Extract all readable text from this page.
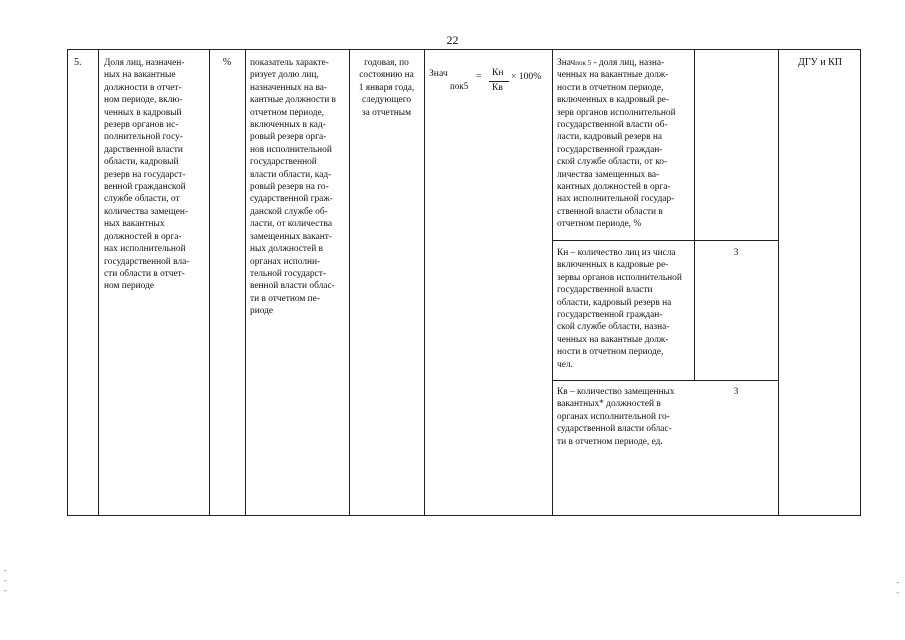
22
5. Доля лиц, назначен-
ных на вакантные
должности в отчет-
ном периоде, вклю-
ченных в кадровый
резерв органов ис-
полнительной госу-
дарственной власти
области, кадровый
резерв на государст-
венной гражданской
службе области, от
количества замещен-
ных вакантных
должностей в орга-
нах исполнительной
государственной вла-
сти области в отчет-
ном периоде
%	показатель характе-
ризует долю лиц,
назначенных на ва-
кантные должности в
отчетном периоде,
включенных в кад-
ровый резерв орга-
нов исполнительной
государственной
власти области, кад-
ровый резерв на го-
сударственной граж-
данской службе об-
ласти, от количества
замещенных вакант-
ных должностей в
органах исполни-
тельной государст-
венной власти облас-
ти в отчетном пе-
риоде
годовая, по
состоянию на
1 января года,
следующего
за отчетным
Знач
пок5
= Кн
Кв
× 100%
Значпок 5 - доля лиц, назна-
ченных на вакантные долж-
ности в отчетном периоде,
включенных в кадровый ре-
зерв органов исполнительной
государственной власти об-
ласти, кадровый резерв на
государственной граждан-
ской службе области, от ко-
личества замещенных ва-
кантных должностей в орга-
нах исполнительной государ-
ственной власти области в
отчетном периоде, %
Кн – количество лиц из числа
включенных в кадровые ре-
зервы органов исполнительной
государственной власти
области, кадровый резерв на
государственной граждан-
ской службе области, назна-
ченных на вакантные долж-
ности в отчетном периоде,
чел.
3
Кв – количество замещенных
вакантных* должностей в
органах исполнительной го-
сударственной власти облас-
ти в отчетном периоде, ед.
3
ДГУ и КП
-
-
-
-
-
